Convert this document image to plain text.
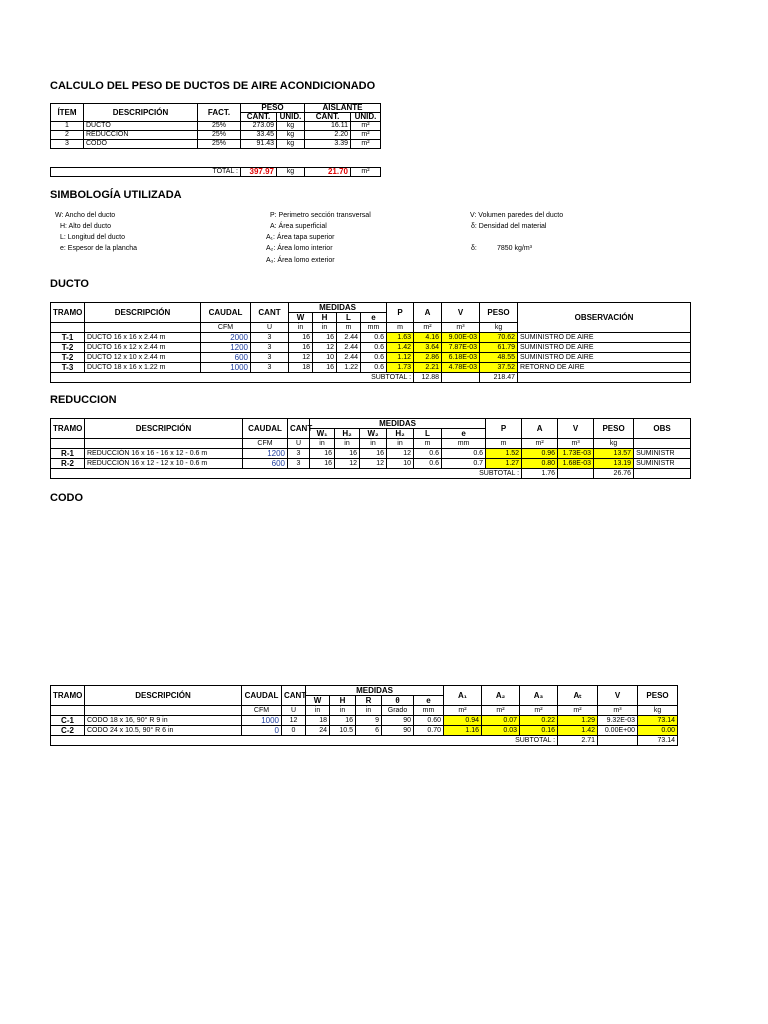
CALCULO DEL PESO DE DUCTOS DE AIRE ACONDICIONADO
ÍTEM	DESCRIPCIÓN	FACT.	PESO		AISLANTE	
			CANT.	UNID.	CANT.	UNID.
1	DUCTO	25%	273.09	kg	16.11	m²
2	REDUCCION	25%	33.45	kg	2.20	m²
3	CODO	25%	91.43	kg	3.39	m²
TOTAL :	397.97	kg	21.70	m²
SIMBOLOGÍA UTILIZADA
W: Ancho del ducto
H: Alto del ducto
L: Longitud del ducto
e: Espesor de la plancha
P: Perimetro sección transversal
A: Área superficial
A₁: Área tapa superior
A₂: Área lomo interior
A₃: Área lomo exterior
V: Volumen paredes del ducto
δ: Densidad del material
δ:	7850 kg/m³
DUCTO
TRAMO	DESCRIPCIÓN	CAUDAL	CANT	MEDIDAS				P	A	V	PESO	OBSERVACIÓN
				W	H	L	e					
		CFM	U	in	in	m	mm	m	m²	m³	kg	
T-1	DUCTO 16 x 16 x 2.44 m	2000	3	16	16	2.44	0.6	1.63	4.16	9.00E-03	70.62	SUMINISTRO DE AIRE
T-2	DUCTO 16 x 12 x 2.44 m	1200	3	16	12	2.44	0.6	1.42	3.64	7.87E-03	61.79	SUMINISTRO DE AIRE
T-2	DUCTO 12 x 10 x 2.44 m	600	3	12	10	2.44	0.6	1.12	2.86	6.18E-03	48.55	SUMINISTRO DE AIRE
T-3	DUCTO 18 x 16 x 1.22 m	1000	3	18	16	1.22	0.6	1.73	2.21	4.78E-03	37.52	RETORNO DE AIRE
SUBTOTAL :									12.88		218.47	
REDUCCION
TRAMO	DESCRIPCIÓN	CAUDAL	CANT	MEDIDAS						P	A	V	PESO	OBS
				W₁	H₂	W₂	H₂	L	e					
		CFM	U	in	in	in	in	m	mm	m	m²	m³	kg	
R-1	REDUCCIÓN 16 x 16 - 16 x 12 - 0.6 m	1200	3	16	16	16	12	0.6	0.6	1.52	0.96	1.73E-03	13.57	SUMINISTR
R-2	REDUCCIÓN 16 x 12 - 12 x 10 - 0.6 m	600	3	16	12	12	10	0.6	0.7	1.27	0.80	1.68E-03	13.19	SUMINISTR
SUBTOTAL :											1.76		26.76	
CODO
TRAMO	DESCRIPCIÓN	CAUDAL	CANT	MEDIDAS					A₁	A₂	A₃	Aₜ	V	PESO
				W	H	R	θ	e						
		CFM	U	in	in	in	Grado	mm	m²	m²	m²	m²	m³	kg
C-1	CODO 18 x 16, 90° R 9 in	1000	12	18	16	9	90	0.60	0.94	0.07	0.22	1.29	9.32E-03	73.14
C-2	CODO 24 x 10.5, 90° R 6 in	0	0	24	10.5	6	90	0.70	1.16	0.03	0.16	1.42	0.00E+00	0.00
SUBTOTAL :												2.71		73.14
